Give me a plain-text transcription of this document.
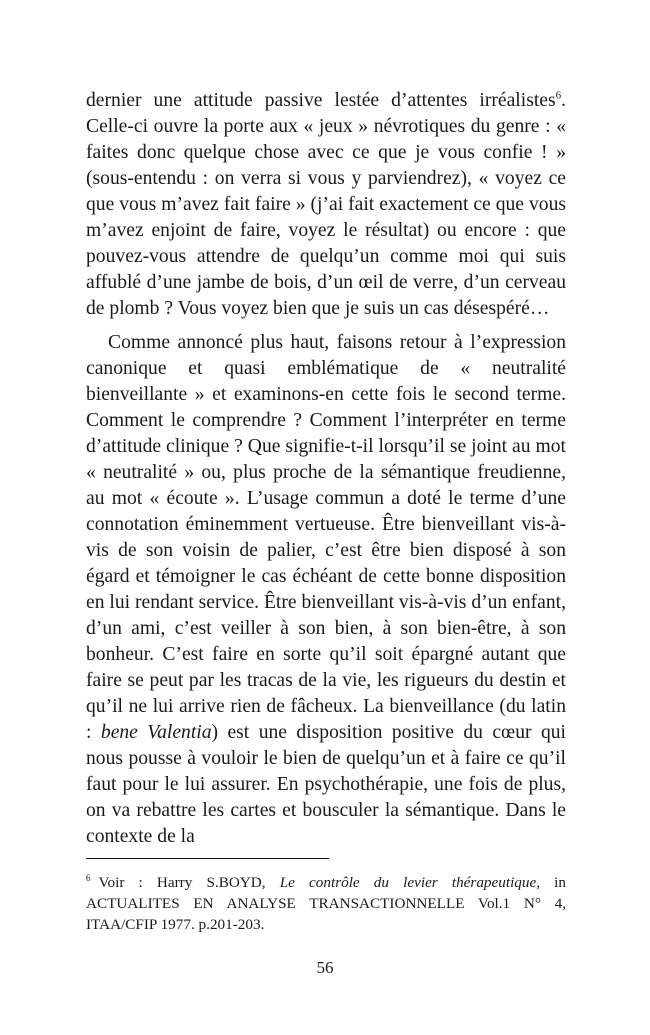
dernier une attitude passive lestée d’attentes irréalistes$^6$. Celle-ci ouvre la porte aux « jeux » névrotiques du genre : « faites donc quelque chose avec ce que je vous confie ! » (sous-entendu : on verra si vous y parviendrez), « voyez ce que vous m’avez fait faire » (j’ai fait exactement ce que vous m’avez enjoint de faire, voyez le résultat) ou encore : que pouvez-vous attendre de quelqu’un comme moi qui suis affublé d’une jambe de bois, d’un œil de verre, d’un cerveau de plomb ? Vous voyez bien que je suis un cas désespéré…

Comme annoncé plus haut, faisons retour à l’expression canonique et quasi emblématique de « neutralité bienveillante » et examinons-en cette fois le second terme. Comment le comprendre ? Comment l’interpréter en terme d’attitude clinique ? Que signifie-t-il lorsqu’il se joint au mot « neutralité » ou, plus proche de la sémantique freudienne, au mot « écoute ». L’usage commun a doté le terme d’une connotation éminemment vertueuse. Être bienveillant vis-à-vis de son voisin de palier, c’est être bien disposé à son égard et témoigner le cas échéant de cette bonne disposition en lui rendant service. Être bienveillant vis-à-vis d’un enfant, d’un ami, c’est veiller à son bien, à son bien-être, à son bonheur. C’est faire en sorte qu’il soit épargné autant que faire se peut par les tracas de la vie, les rigueurs du destin et qu’il ne lui arrive rien de fâcheux. La bienveillance (du latin : bene Valentia) est une disposition positive du cœur qui nous pousse à vouloir le bien de quelqu’un et à faire ce qu’il faut pour le lui assurer. En psychothérapie, une fois de plus, on va rebattre les cartes et bousculer la sémantique. Dans le contexte de la

$^6$ Voir : Harry S.BOYD, Le contrôle du levier thérapeutique, in ACTUALITES EN ANALYSE TRANSACTIONNELLE Vol.1 N° 4, ITAA/CFIP 1977. p.201-203.
56
